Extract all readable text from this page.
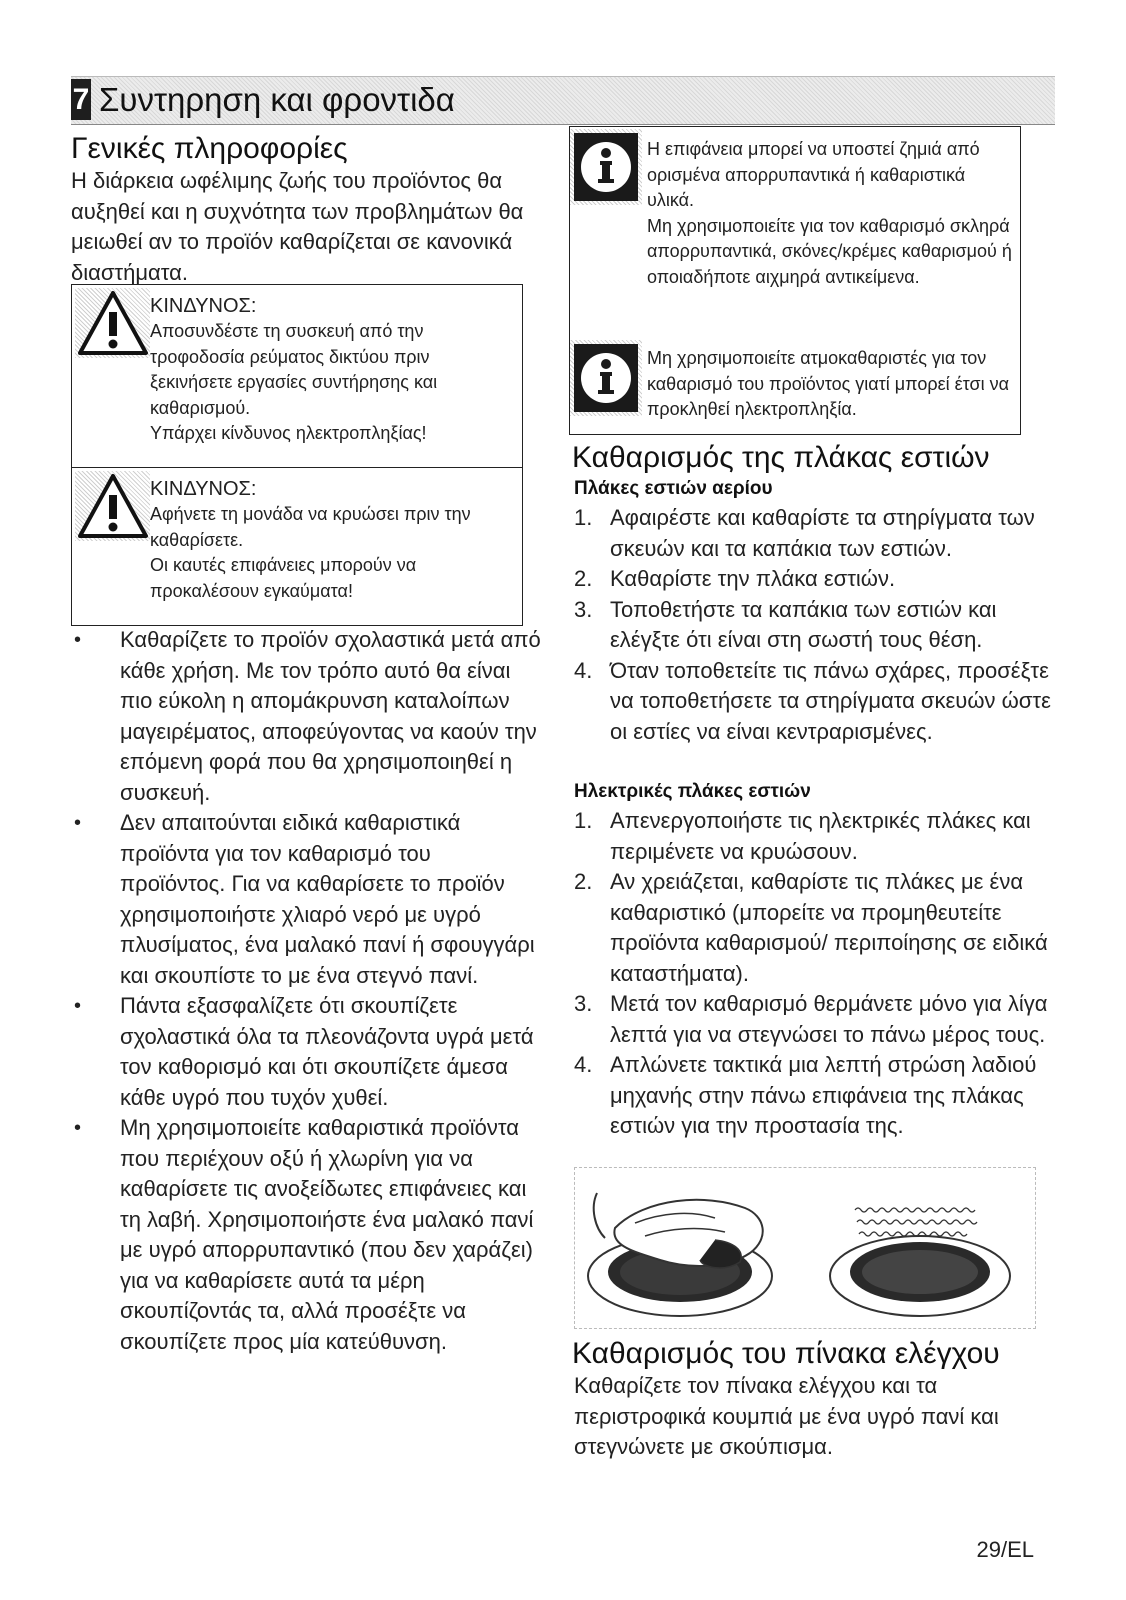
7 Συντηρηση και φροντιδα
Γενικές πληροφορίες
Η διάρκεια ωφέλιμης ζωής του προϊόντος θα αυξηθεί και η συχνότητα των προβλημάτων θα μειωθεί αν το προϊόν καθαρίζεται σε κανονικά διαστήματα.
ΚΙΝΔΥΝΟΣ:
Αποσυνδέστε τη συσκευή από την τροφοδοσία ρεύματος δικτύου πριν ξεκινήσετε εργασίες συντήρησης και καθαρισμού.
Υπάρχει κίνδυνος ηλεκτροπληξίας!
ΚΙΝΔΥΝΟΣ:
Αφήνετε τη μονάδα να κρυώσει πριν την καθαρίσετε.
Οι καυτές επιφάνειες μπορούν να προκαλέσουν εγκαύματα!
• Καθαρίζετε το προϊόν σχολαστικά μετά από κάθε χρήση. Με τον τρόπο αυτό θα είναι πιο εύκολη η απομάκρυνση καταλοίπων μαγειρέματος, αποφεύγοντας να καούν την επόμενη φορά που θα χρησιμοποιηθεί η συσκευή.
• Δεν απαιτούνται ειδικά καθαριστικά προϊόντα για τον καθαρισμό του προϊόντος. Για να καθαρίσετε το προϊόν χρησιμοποιήστε χλιαρό νερό με υγρό πλυσίματος, ένα μαλακό πανί ή σφουγγάρι και σκουπίστε το με ένα στεγνό πανί.
• Πάντα εξασφαλίζετε ότι σκουπίζετε σχολαστικά όλα τα πλεονάζοντα υγρά μετά τον καθορισμό και ότι σκουπίζετε άμεσα κάθε υγρό που τυχόν χυθεί.
• Μη χρησιμοποιείτε καθαριστικά προϊόντα που περιέχουν οξύ ή χλωρίνη για να καθαρίσετε τις ανοξείδωτες επιφάνειες και τη λαβή. Χρησιμοποιήστε ένα μαλακό πανί με υγρό απορρυπαντικό (που δεν χαράζει) για να καθαρίσετε αυτά τα μέρη σκουπίζοντάς τα, αλλά προσέξτε να σκουπίζετε προς μία κατεύθυνση.
Η επιφάνεια μπορεί να υποστεί ζημιά από ορισμένα απορρυπαντικά ή καθαριστικά υλικά.
Μη χρησιμοποιείτε για τον καθαρισμό σκληρά απορρυπαντικά, σκόνες/κρέμες καθαρισμού ή οποιαδήποτε αιχμηρά αντικείμενα.
Μη χρησιμοποιείτε ατμοκαθαριστές για τον καθαρισμό του προϊόντος γιατί μπορεί έτσι να προκληθεί ηλεκτροπληξία.
Καθαρισμός της πλάκας εστιών
Πλάκες εστιών αερίου
1. Αφαιρέστε και καθαρίστε τα στηρίγματα των σκευών και τα καπάκια των εστιών.
2. Καθαρίστε την πλάκα εστιών.
3. Τοποθετήστε τα καπάκια των εστιών και ελέγξτε ότι είναι στη σωστή τους θέση.
4. Όταν τοποθετείτε τις πάνω σχάρες, προσέξτε να τοποθετήσετε τα στηρίγματα σκευών ώστε οι εστίες να είναι κεντραρισμένες.
Ηλεκτρικές πλάκες εστιών
1. Απενεργοποιήστε τις ηλεκτρικές πλάκες και περιμένετε να κρυώσουν.
2. Αν χρειάζεται, καθαρίστε τις πλάκες με ένα καθαριστικό (μπορείτε να προμηθευτείτε προϊόντα καθαρισμού/ περιποίησης σε ειδικά καταστήματα).
3. Μετά τον καθαρισμό θερμάνετε μόνο για λίγα λεπτά για να στεγνώσει το πάνω μέρος τους.
4. Απλώνετε τακτικά μια λεπτή στρώση λαδιού μηχανής στην πάνω επιφάνεια της πλάκας εστιών για την προστασία της.
Καθαρισμός του πίνακα ελέγχου
Καθαρίζετε τον πίνακα ελέγχου και τα περιστροφικά κουμπιά με ένα υγρό πανί και στεγνώνετε με σκούπισμα.
29/EL
